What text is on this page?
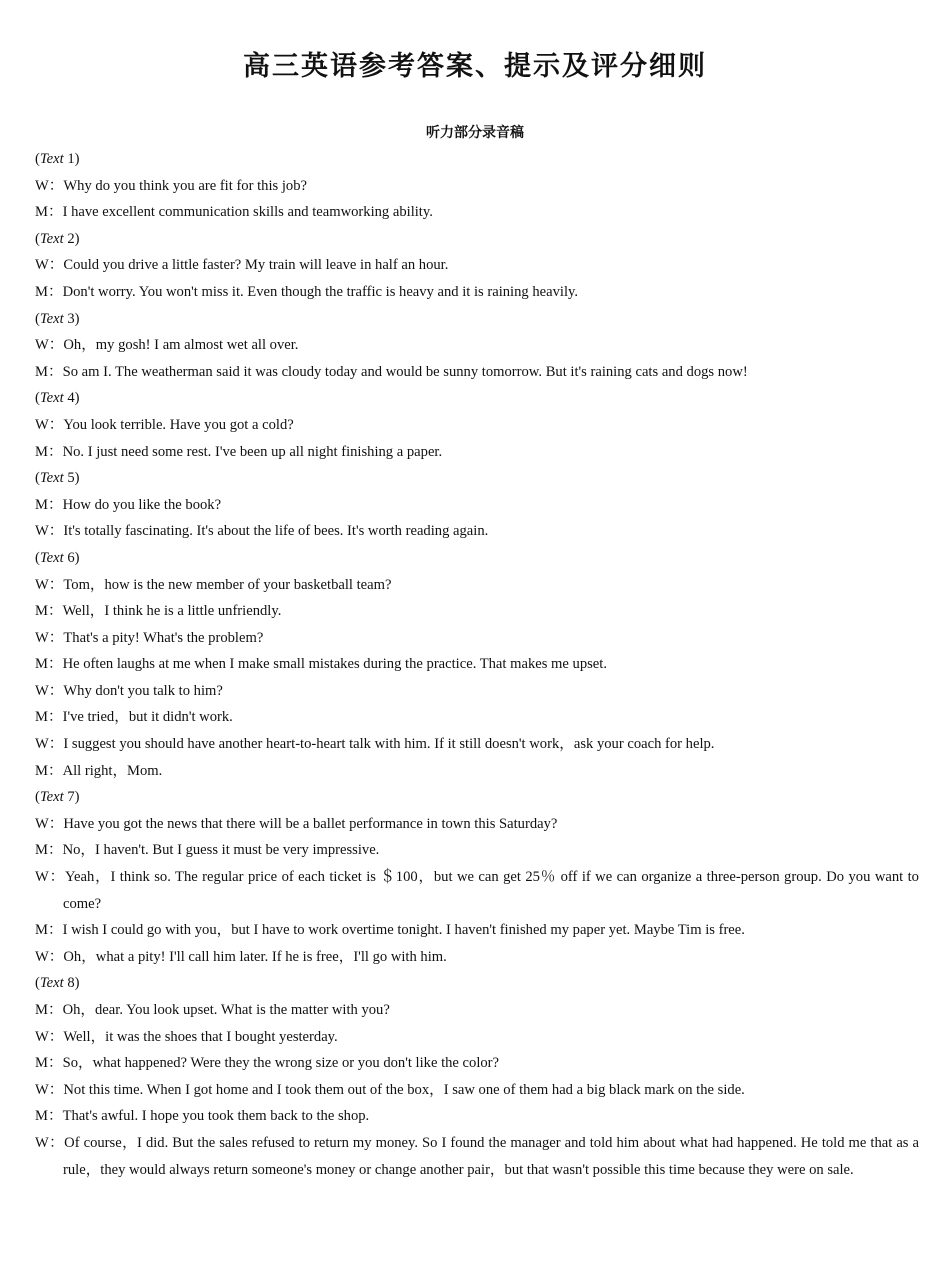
高三英语参考答案、提示及评分细则
听力部分录音稿

(Text 1)

W：Why do you think you are fit for this job?

M：I have excellent communication skills and teamworking ability.

(Text 2)

W：Could you drive a little faster? My train will leave in half an hour.

M：Don't worry. You won't miss it. Even though the traffic is heavy and it is raining heavily.

(Text 3)

W：Oh，my gosh! I am almost wet all over.

M：So am I. The weatherman said it was cloudy today and would be sunny tomorrow. But it's raining cats and dogs now!

(Text 4)

W：You look terrible. Have you got a cold?

M：No. I just need some rest. I've been up all night finishing a paper.

(Text 5)

M：How do you like the book?

W：It's totally fascinating. It's about the life of bees. It's worth reading again.

(Text 6)

W：Tom，how is the new member of your basketball team?

M：Well，I think he is a little unfriendly.

W：That's a pity! What's the problem?

M：He often laughs at me when I make small mistakes during the practice. That makes me upset.

W：Why don't you talk to him?

M：I've tried，but it didn't work.

W：I suggest you should have another heart-to-heart talk with him. If it still doesn't work，ask your coach for help.

M：All right，Mom.

(Text 7)

W：Have you got the news that there will be a ballet performance in town this Saturday?

M：No，I haven't. But I guess it must be very impressive.

W：Yeah，I think so. The regular price of each ticket is ＄100，but we can get 25％ off if we can organize a three-person group. Do you want to come?

M：I wish I could go with you，but I have to work overtime tonight. I haven't finished my paper yet. Maybe Tim is free.

W：Oh，what a pity! I'll call him later. If he is free，I'll go with him.

(Text 8)

M：Oh，dear. You look upset. What is the matter with you?

W：Well，it was the shoes that I bought yesterday.

M：So，what happened? Were they the wrong size or you don't like the color?

W：Not this time. When I got home and I took them out of the box，I saw one of them had a big black mark on the side.

M：That's awful. I hope you took them back to the shop.

W：Of course，I did. But the sales refused to return my money. So I found the manager and told him about what had happened. He told me that as a rule，they would always return someone's money or change another pair，but that wasn't possible this time because they were on sale.
